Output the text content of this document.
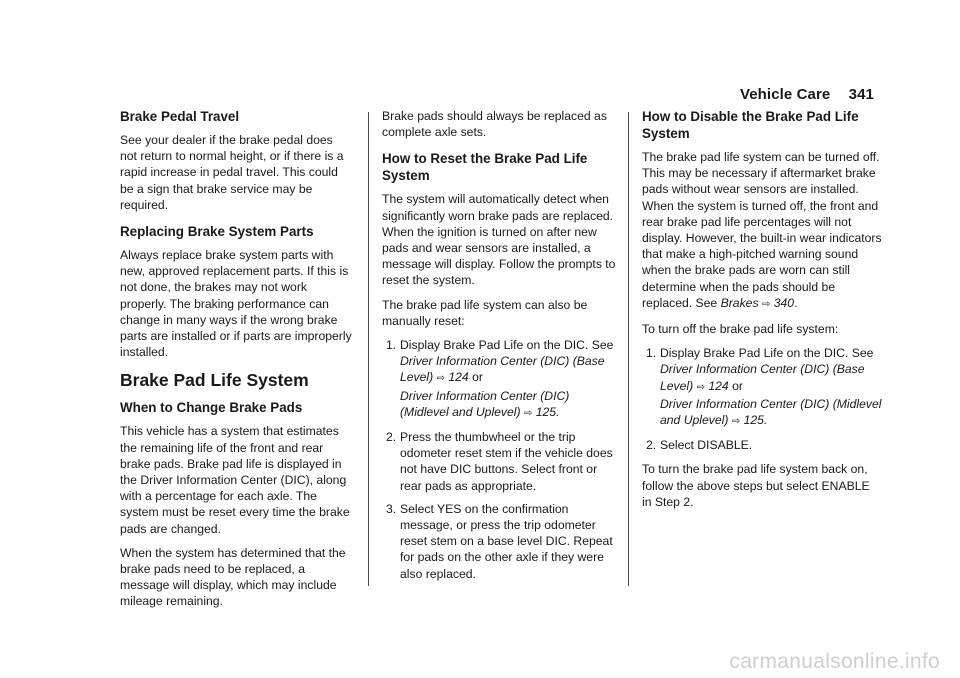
Vehicle Care 341
Brake Pedal Travel

See your dealer if the brake pedal does not return to normal height, or if there is a rapid increase in pedal travel. This could be a sign that brake service may be required.

Replacing Brake System Parts

Always replace brake system parts with new, approved replacement parts. If this is not done, the brakes may not work properly. The braking performance can change in many ways if the wrong brake parts are installed or if parts are improperly installed.

Brake Pad Life System
When to Change Brake Pads

This vehicle has a system that estimates the remaining life of the front and rear brake pads. Brake pad life is displayed in the Driver Information Center (DIC), along with a percentage for each axle. The system must be reset every time the brake pads are changed.

When the system has determined that the brake pads need to be replaced, a message will display, which may include mileage remaining.

Brake pads should always be replaced as complete axle sets.

How to Reset the Brake Pad Life System

The system will automatically detect when significantly worn brake pads are replaced. When the ignition is turned on after new pads and wear sensors are installed, a message will display. Follow the prompts to reset the system.

The brake pad life system can also be manually reset:

1. Display Brake Pad Life on the DIC. See
Driver Information Center (DIC) (Base Level) ⇨ 124 or
Driver Information Center (DIC) (Midlevel and Uplevel) ⇨ 125.
2. Press the thumbwheel or the trip odometer reset stem if the vehicle does not have DIC buttons. Select front or rear pads as appropriate.
3. Select YES on the confirmation message, or press the trip odometer reset stem on a base level DIC. Repeat for pads on the other axle if they were also replaced.
How to Disable the Brake Pad Life System

The brake pad life system can be turned off. This may be necessary if aftermarket brake pads without wear sensors are installed. When the system is turned off, the front and rear brake pad life percentages will not display. However, the built-in wear indicators that make a high-pitched warning sound when the brake pads are worn can still determine when the pads should be replaced. See Brakes ⇨ 340.

To turn off the brake pad life system:

1. Display Brake Pad Life on the DIC. See
Driver Information Center (DIC) (Base Level) ⇨ 124 or
Driver Information Center (DIC) (Midlevel and Uplevel) ⇨ 125.
2. Select DISABLE.

To turn the brake pad life system back on, follow the above steps but select ENABLE in Step 2.

carmanualsonline.info
